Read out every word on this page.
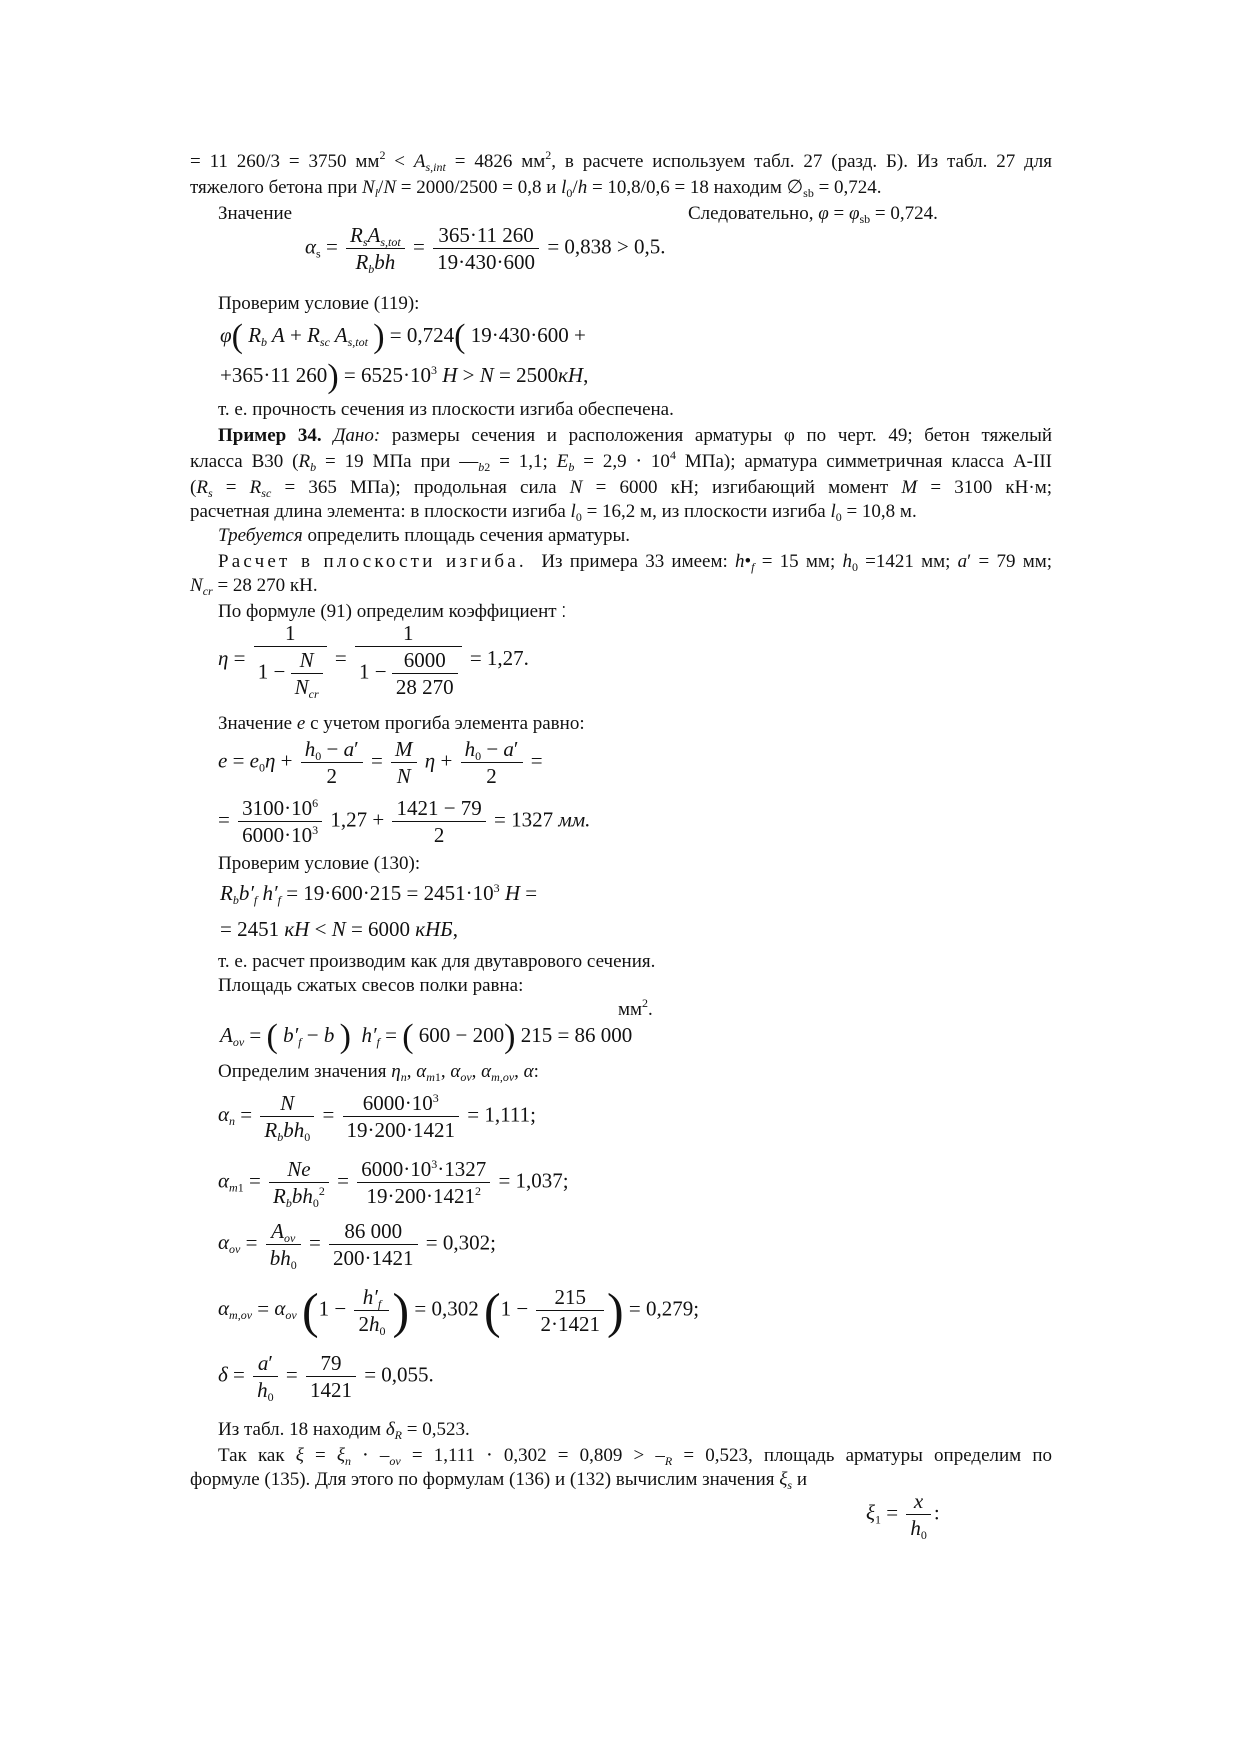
= 11 260/3 = 3750 $мм^2 < A_{s,int} = 4826$ $мм^2$, в расчете используем табл. 27 (разд. Б). Из табл. 27 для
тяжелого бетона при $N_l/N = 2000/2500 = 0,8$ и $l_0/h = 10,8/0,6 = 18$ находим $\emptyset_{sb} = 0,724$.
Значение	Следовательно, $\varphi = \varphi_{sb} = 0,724$.
$\alpha_s = \frac{R_sA_{s,tot}}{R_bbh} = \frac{365\cdot 11 260}{19\cdot 430\cdot 600} = 0,838 > 0,5$.
Проверим условие (119):
φ( $R_b$ $A + R_{sc}$ $A_{s,tot}$ ) = 0,724( 19·430·600 +
+365·11 $260) = 6525\cdot 10^3$ H > N = 2500кH,
т. е. прочность сечения из плоскости изгиба обеспечена.
Пример 34. Дано: размеры сечения и расположения арматуры φ по черт. 49; бетон тяжелый
класса В30 ($R_b = 19$ МПа при $—_{b2} = 1,1$; $E_b = 2,9 \cdot 10^4$ МПа); арматура симметричная класса А-III
($R_s = R_{sc} = 365$ МПа); продольная сила N = 6000 кН; изгибающий момент M = 3100 кН·м;
расчетная длина элемента: в плоскости изгиба $l_0 = 16,2$ м, из плоскости изгиба $l_0 = 10,8$ м.
Требуется определить площадь сечения арматуры.
Расчет в плоскости изгиба.  Из примера 33 имеем: $h•_f = 15$ мм; $h_0 =1421$ мм; a′ = 79 мм;
$N_{cr} = 28$ 270 кН.
По формуле (91) определим коэффициент ⁚
$\eta = \frac{1}{1 - \frac{N}{N_{cr}}} = \frac{1}{1 - \frac{6000}{28 270}} = 1,27$.
Значение e с учетом прогиба элемента равно:
$e = e_0\eta + \frac{h_0 - a'}{2} = \frac{M}{N}$ $\eta + \frac{h_0 - a'}{2}$ =
= $\frac{3100\cdot 10^6}{6000\cdot 10^3} 1,27 + \frac{1421 - 79}{2} = 1327$ мм.
Проверим условие (130):
$R_bb'_f$ $h'_f = 19\cdot 600\cdot 215 = 2451\cdot 10^3$ H =
= 2451 кH < N = 6000 кHБ,
т. е. расчет производим как для двутаврового сечения.
Площадь сжатых свесов полки равна:
$мм^2$.
$A_{ov}$ = ( $b'_f - b$ ) $h'_f$ = ( 600 − 200) 215 = 86 000
Определим значения $\eta_n$, $\alpha_{m1}$, $\alpha_{ov}$, $\alpha_{m,ov}$, α:
$\alpha_n = \frac{N}{R_bbh_0} = \frac{6000\cdot 10^3}{19\cdot 200\cdot 1421} = 1,111$;
$\alpha_{m1} = \frac{Ne}{R_bbh_0^2} = \frac{6000\cdot 10^3\cdot 1327}{19\cdot 200\cdot 1421^2} = 1,037$;
$\alpha_{ov} = \frac{A_{ov}}{bh_0} = \frac{86 000}{200\cdot 1421} = 0,302$;
$\alpha_{m,ov} = \alpha_{ov}$ ($1 - \frac{h'_f}{2h_0}$ ) = 0,302 ($1 - \frac{215}{2\cdot 1421}$ ) = 0,279;
$\delta = \frac{a'}{h_0} = \frac{79}{1421} = 0,055$.
Из табл. 18 находим $\delta_R = 0,523$.
Так как $\xi = \xi_n \cdot -_{ov} = 1,111 \cdot 0,302 = 0,809 > -_R = 0,523$, площадь арматуры определим по
формуле (135). Для этого по формулам (136) и (132) вычислим значения $\xi_s$ и
$\xi_1 = \frac{x}{h_0}$ :
